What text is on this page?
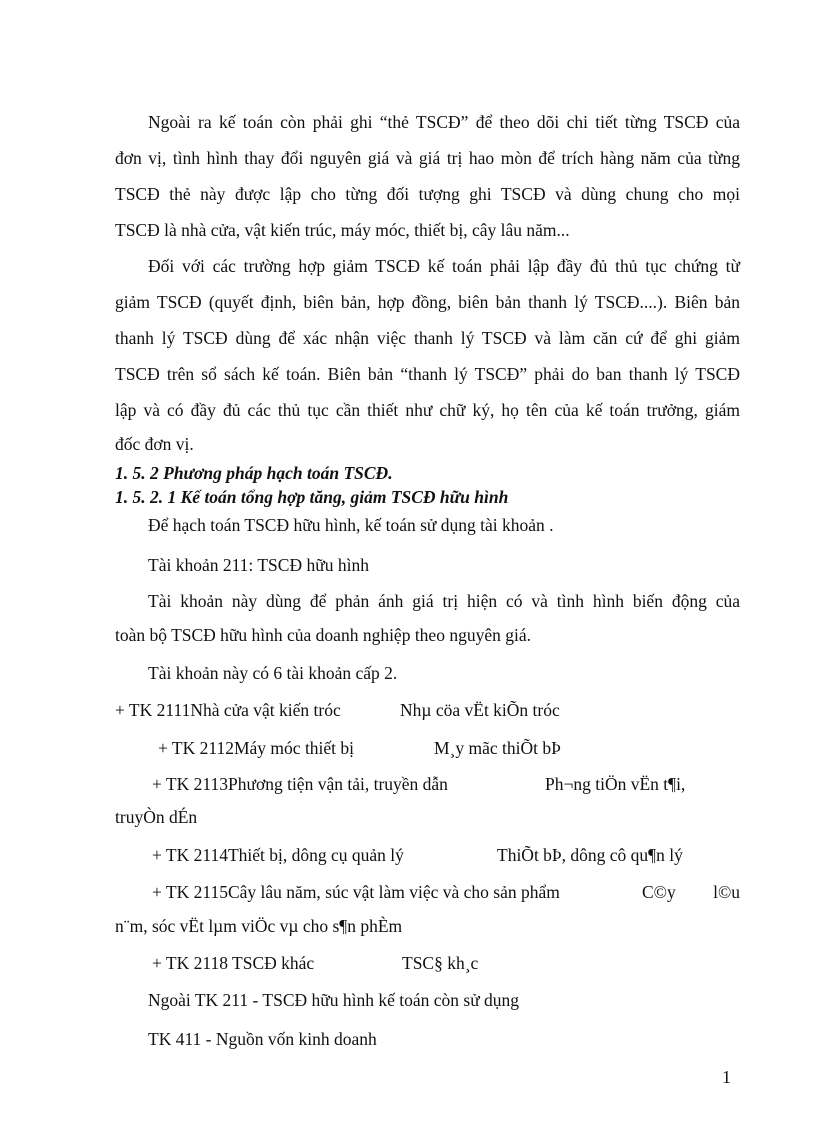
Ngoài ra kế toán còn phải ghi “thẻ TSCĐ” để theo dõi chi tiết từng TSCĐ của
đơn vị, tình hình thay đổi nguyên giá và giá trị hao mòn để trích hàng năm của từng
TSCĐ thẻ này được lập cho từng đối tượng ghi TSCĐ và dùng chung cho mọi
TSCĐ là nhà cửa, vật kiến trúc, máy móc, thiết bị, cây lâu năm...
Đối với các trường hợp giảm TSCĐ kế toán phải lập đầy đủ thủ tục chứng từ
giảm TSCĐ (quyết định, biên bản, hợp đồng, biên bản thanh lý TSCĐ....). Biên bản
thanh lý TSCĐ dùng để xác nhận việc thanh lý TSCĐ và làm căn cứ để ghi giảm
TSCĐ trên sổ sách kế toán. Biên bản “thanh lý TSCĐ” phải do ban thanh lý TSCĐ
lập và có đầy đủ các thủ tục cần thiết như chữ ký, họ tên của kế toán trưởng, giám
đốc đơn vị.
1. 5. 2 Phương pháp hạch toán TSCĐ.
1. 5. 2. 1 Kế toán tổng hợp tăng, giảm TSCĐ hữu hình
Để hạch toán TSCĐ hữu hình, kế toán sử dụng tài khoản .
Tài khoản 211: TSCĐ hữu hình
Tài khoản này dùng để phản ánh giá trị hiện có và tình hình biến động của
toàn bộ TSCĐ hữu hình của doanh nghiệp theo nguyên giá.
Tài khoản này có 6 tài khoản cấp 2.
+ TK 2111Nhà cửa vật kiến tróc	Nhµ cöa vËt kiÕn tróc
+ TK 2112Máy móc thiết bị	M¸y mãc thiÕt bÞ
+ TK 2113Phương tiện vận tải, truyền dẫn	Ph¬ng tiÖn vËn t¶i,
truyÒn dÉn
+ TK 2114Thiết bị, dông cụ quản lý	ThiÕt bÞ, dông cô qu¶n lý
+ TK 2115Cây lâu năm, súc vật làm việc và cho sản phẩm	C©y l©u
n¨m, sóc vËt lµm viÖc vµ cho s¶n phÈm
+ TK 2118 TSCĐ khác	TSC§ kh¸c
Ngoài TK 211 - TSCĐ hữu hình kế toán còn sử dụng
TK 411 - Nguồn vốn kinh doanh
1
